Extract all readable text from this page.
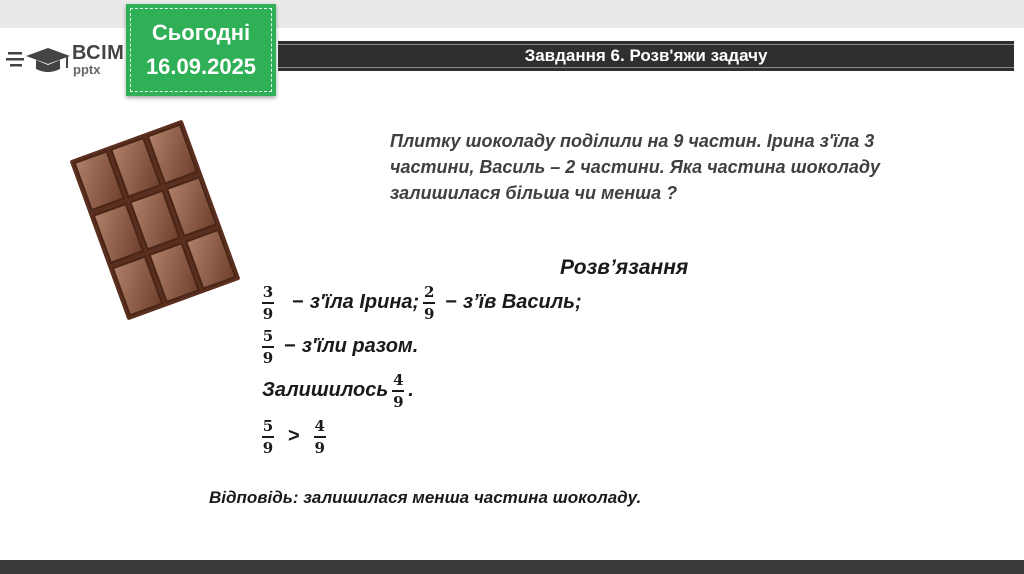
ВСІМ
pptx
Сьогодні
16.09.2025	Завдання 6. Розв'яжи задачу
Плитку шоколаду поділили на 9 частин. Ірина з'їла 3 частини, Василь – 2 частини. Яка частина шоколаду залишилася більша чи менша ?
Розв’язання
$\frac{3}{9} - з'їла$ Ірина; $\frac{2}{9}$ − з’їв Василь;
$\frac{5}{9} - з'їли$ разом.
Залишилось $\frac{4}{9}$ .
$\frac{5}{9} > \frac{4}{9}$
Відповідь: залишилася менша частина шоколаду.
